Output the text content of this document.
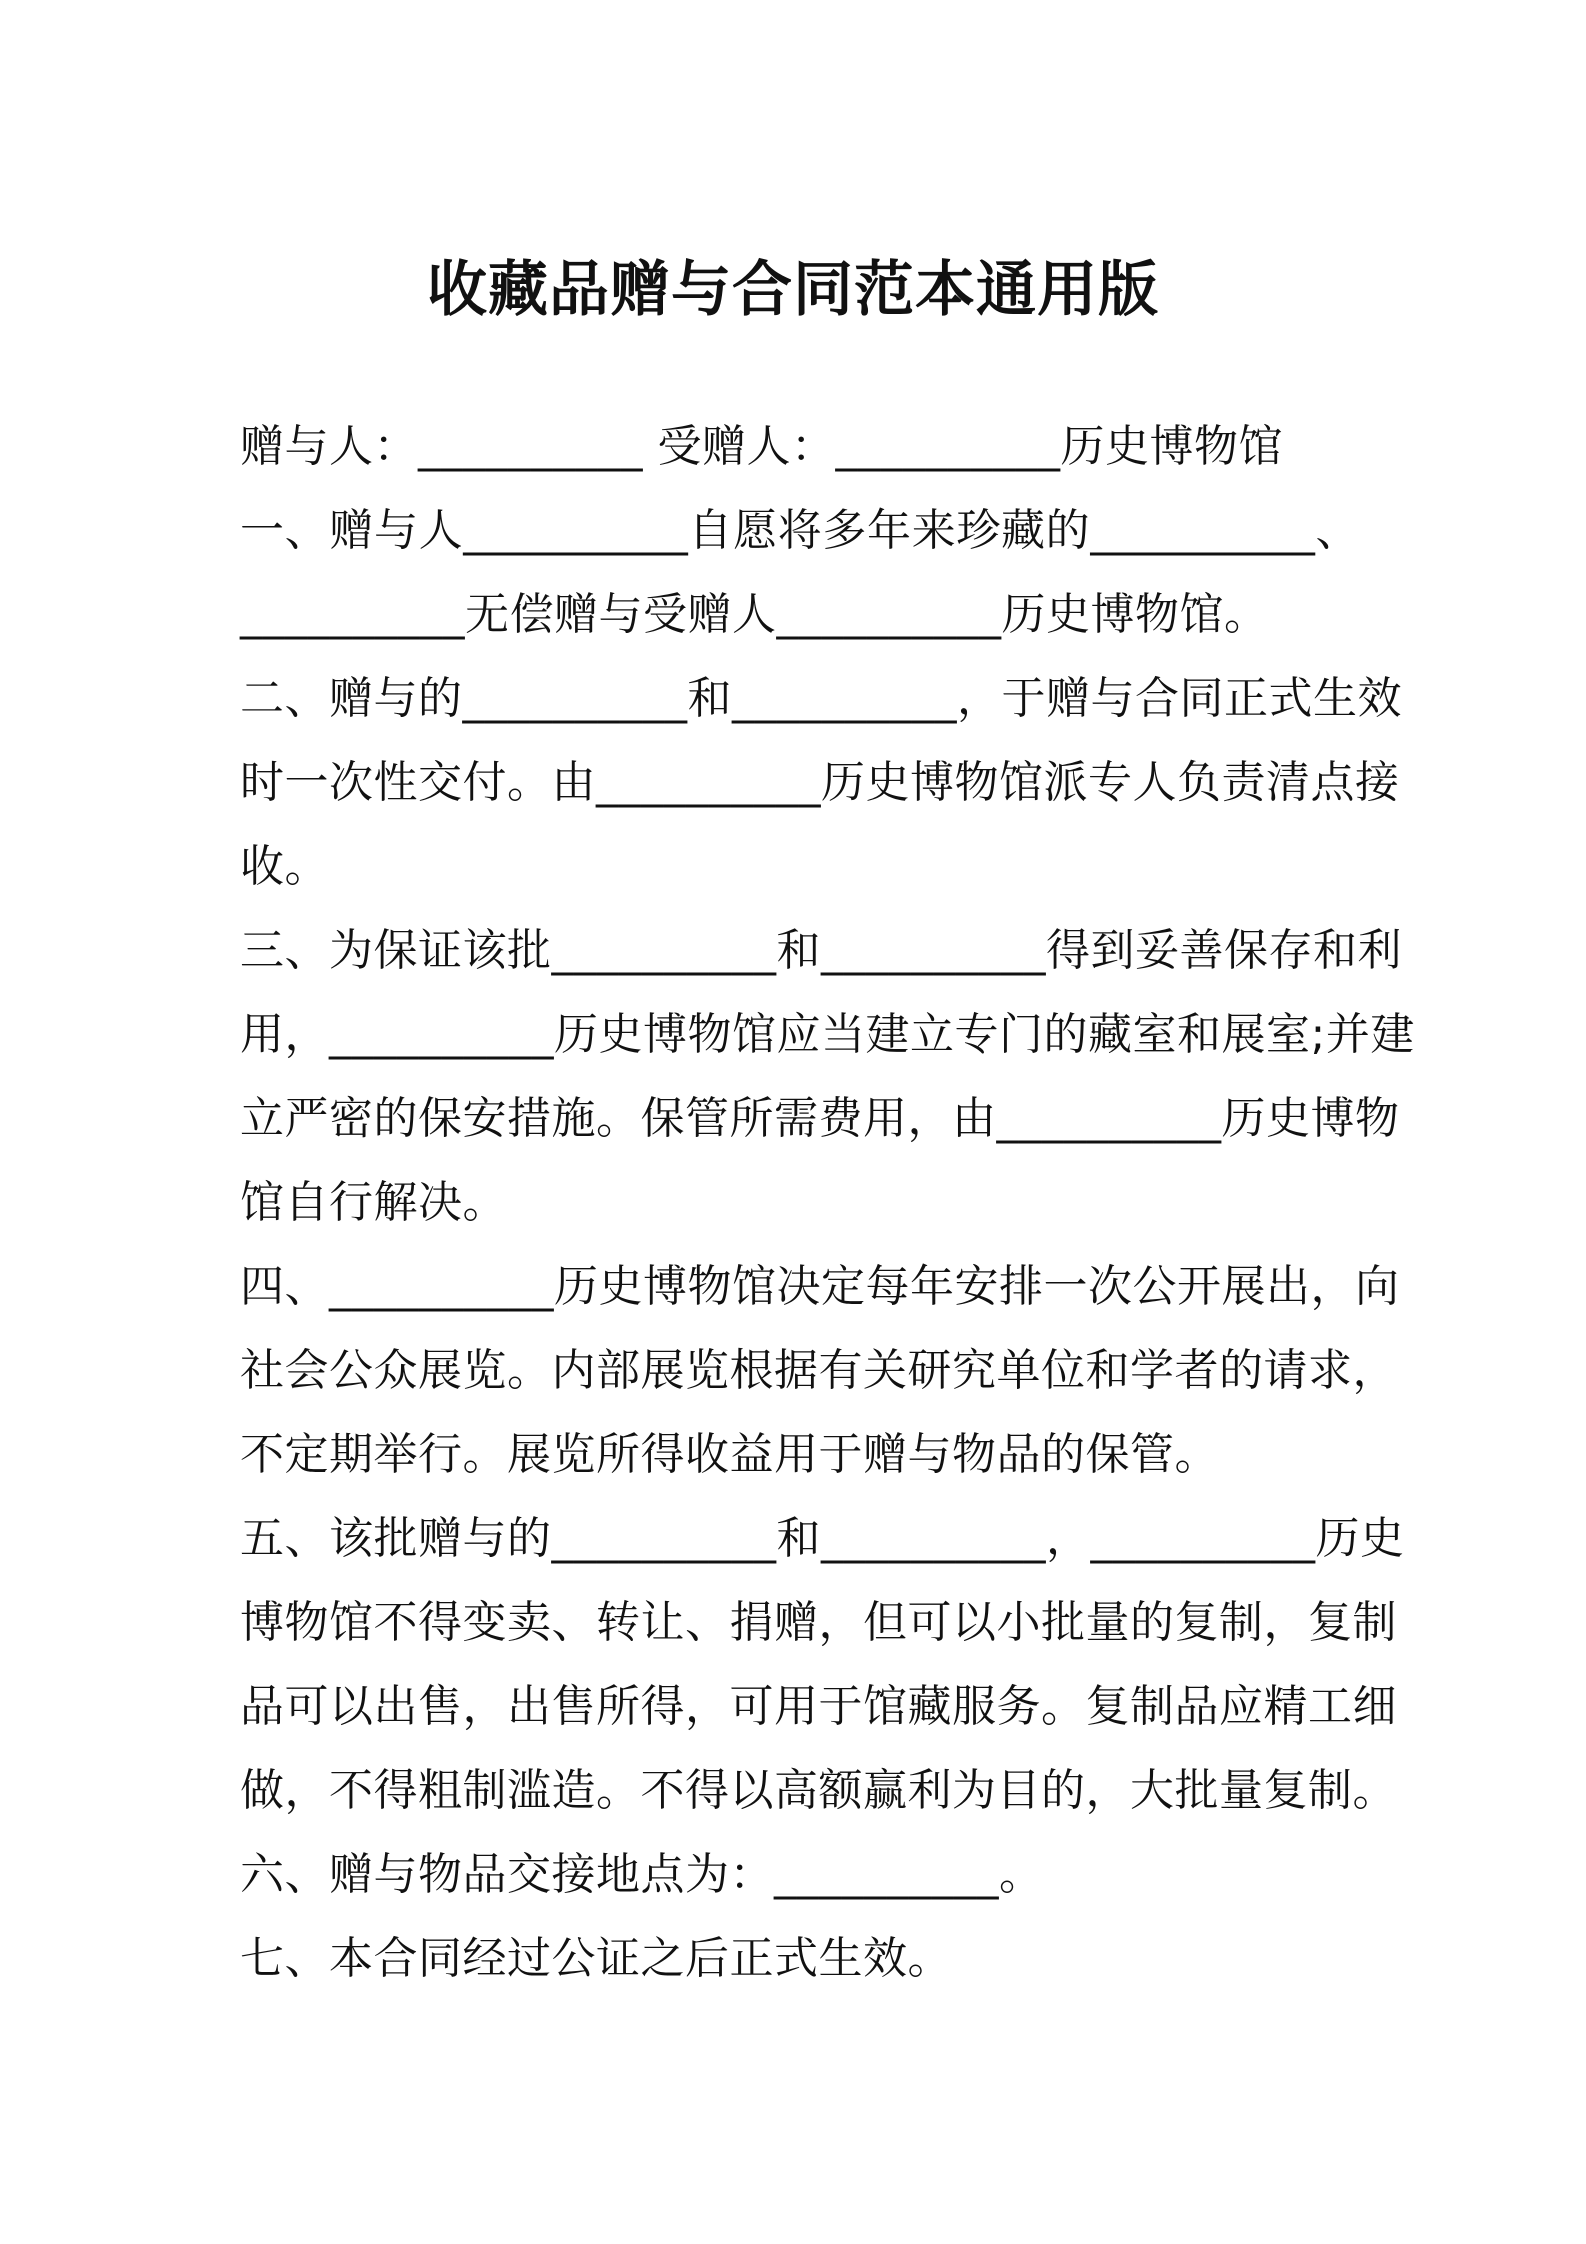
收藏品赠与合同范本通用版
赠与人：__________ 受赠人：__________历史博物馆
一、赠与人__________自愿将多年来珍藏的__________、
__________无偿赠与受赠人__________历史博物馆。
二、赠与的__________和__________，于赠与合同正式生效
时一次性交付。由__________历史博物馆派专人负责清点接
收。
三、为保证该批__________和__________得到妥善保存和利
用，__________历史博物馆应当建立专门的藏室和展室;并建
立严密的保安措施。保管所需费用，由__________历史博物
馆自行解决。
四、__________历史博物馆决定每年安排一次公开展出，向
社会公众展览。内部展览根据有关研究单位和学者的请求，
不定期举行。展览所得收益用于赠与物品的保管。
五、该批赠与的__________和__________，__________历史
博物馆不得变卖、转让、捐赠，但可以小批量的复制，复制
品可以出售，出售所得，可用于馆藏服务。复制品应精工细
做，不得粗制滥造。不得以高额赢利为目的，大批量复制。
六、赠与物品交接地点为：__________。
七、本合同经过公证之后正式生效。
